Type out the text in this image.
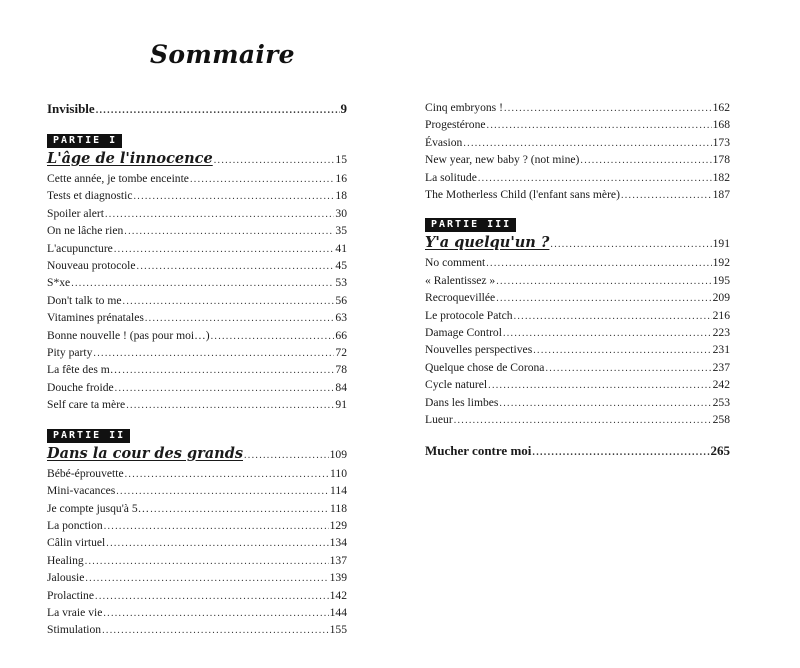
Sommaire
Invisible .....	9
PARTIE I
L'âge de l'innocence .....	15
Cette année, je tombe enceinte .....	16
Tests et diagnostic .....	18
Spoiler alert .....	30
On ne lâche rien .....	35
L'acupuncture .....	41
Nouveau protocole .....	45
S*xe .....	53
Don't talk to me .....	56
Vitamines prénatales .....	63
Bonne nouvelle ! (pas pour moi…) .....	66
Pity party .....	72
La fête des m… .....	78
Douche froide .....	84
Self care ta mère .....	91
PARTIE II
Dans la cour des grands .....	109
Bébé-éprouvette .....	110
Mini-vacances .....	114
Je compte jusqu'à 5… .....	118
La ponction .....	129
Câlin virtuel .....	134
Healing .....	137
Jalousie .....	139
Prolactine .....	142
La vraie vie .....	144
Stimulation .....	155
Cinq embryons ! .....	162
Progestérone .....	168
Évasion .....	173
New year, new baby ? (not mine) .....	178
La solitude .....	182
The Motherless Child (l'enfant sans mère) .....	187
PARTIE III
Y'a quelqu'un ? .....	191
No comment .....	192
« Ralentissez » .....	195
Recroquevillée .....	209
Le protocole Patch .....	216
Damage Control .....	223
Nouvelles perspectives .....	231
Quelque chose de Corona .....	237
Cycle naturel .....	242
Dans les limbes .....	253
Lueur .....	258
Mucher contre moi .....	265
